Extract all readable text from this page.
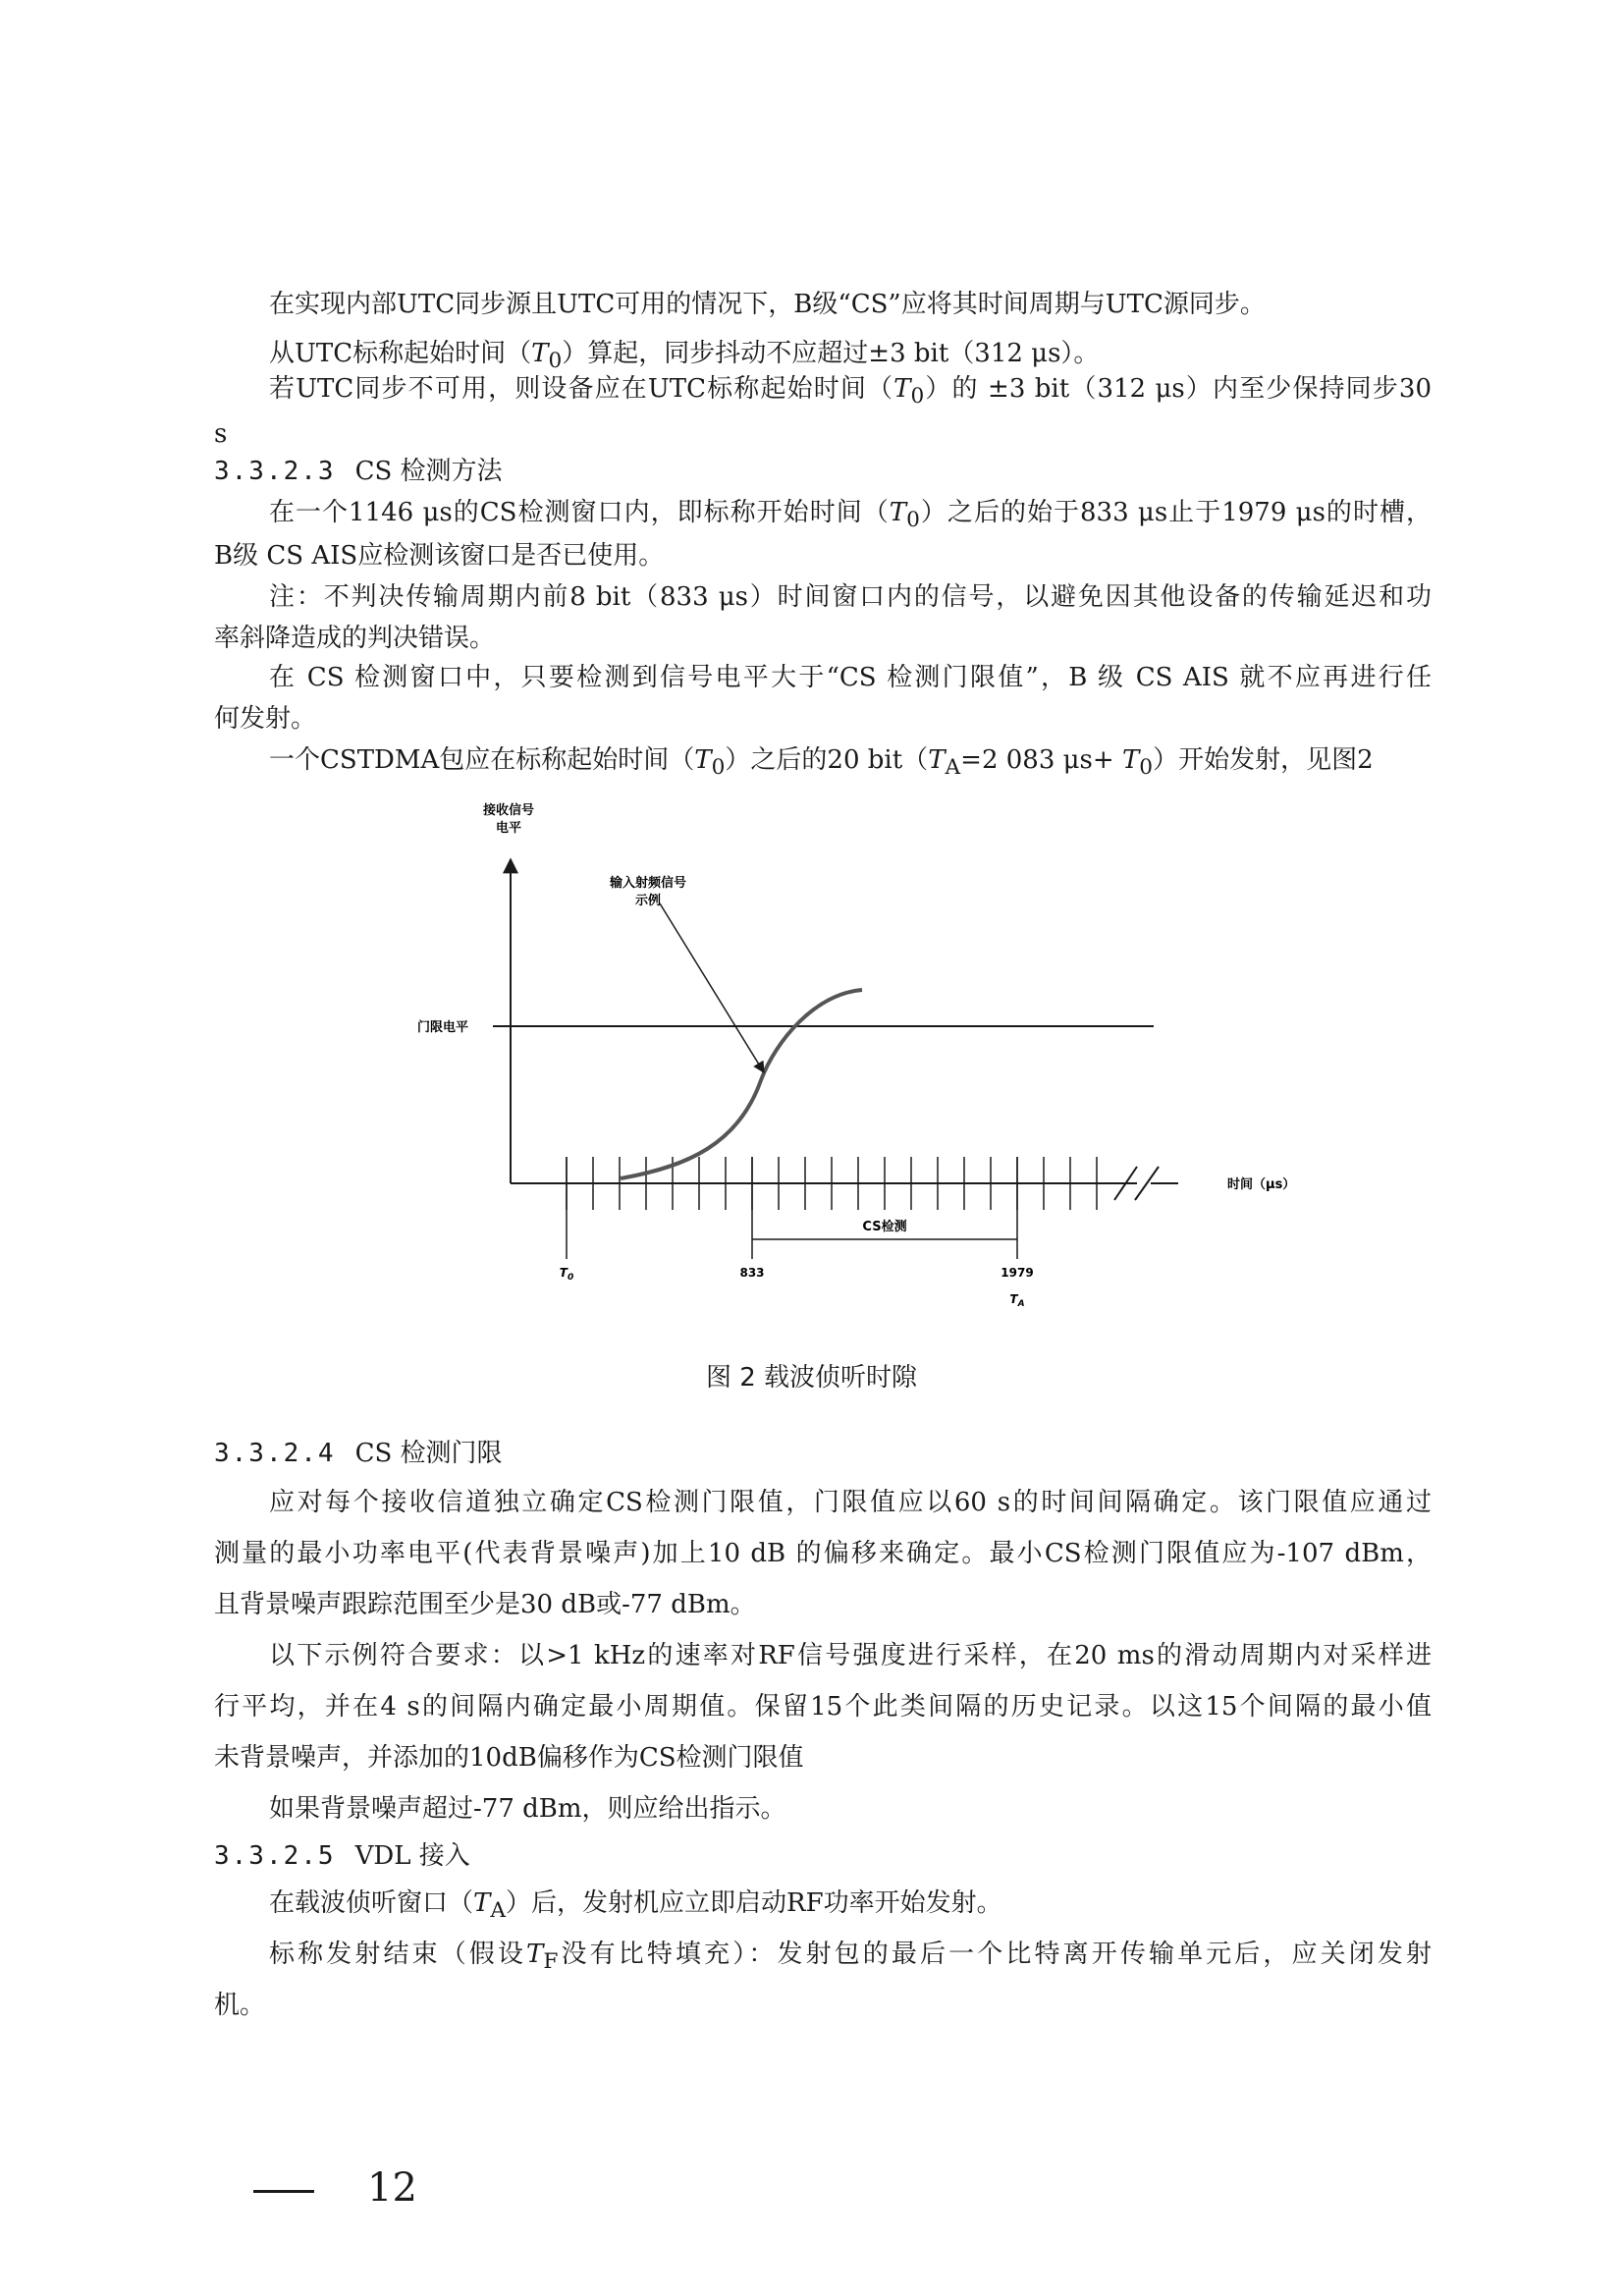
在实现内部UTC同步源且UTC可用的情况下，B级“CS”应将其时间周期与UTC源同步。

从UTC标称起始时间$(T_0)$算起，同步抖动不应超过±3 bit（312 μs）。

若UTC同步不可用，则设备应在UTC标称起始时间$(T_0)$的 ±3 bit（312 μs）内至少保持同步30

s

3.3.2.3 CS 检测方法

在一个1146 μs的CS检测窗口内，即标称开始时间$(T_0)$之后的始于833 μs止于1979 μs的时槽，

B级 CS AIS应检测该窗口是否已使用。

注：不判决传输周期内前8 bit（833 μs）时间窗口内的信号，以避免因其他设备的传输延迟和功

率斜降造成的判决错误。

在 CS 检测窗口中，只要检测到信号电平大于“CS 检测门限值”，B 级 CS AIS 就不应再进行任

何发射。

一个CSTDMA包应在标称起始时间$(T_0)$之后的20 $bit(T_A=2$ 083 $\mu s+ T_0$）开始发射，见图2

接收信号
电平
时间（μs）
CS检测
$T_0$	833	1979
$T_A$
门限电平
输入射频信号
示例
图 2 载波侦听时隙
3.3.2.4 CS 检测门限

应对每个接收信道独立确定CS检测门限值，门限值应以60 s的时间间隔确定。该门限值应通过

测量的最小功率电平(代表背景噪声)加上10 dB 的偏移来确定。最小CS检测门限值应为-107 dBm，

且背景噪声跟踪范围至少是30 dB或-77 dBm。

以下示例符合要求：以>1 kHz的速率对RF信号强度进行采样，在20 ms的滑动周期内对采样进

行平均，并在4 s的间隔内确定最小周期值。保留15个此类间隔的历史记录。以这15个间隔的最小值

未背景噪声，并添加的10dB偏移作为CS检测门限值

如果背景噪声超过-77 dBm，则应给出指示。

3.3.2.5 VDL 接入

在载波侦听窗口$(T_A)$后，发射机应立即启动RF功率开始发射。

标称发射结束（假设$T_F$没有比特填充）：发射包的最后一个比特离开传输单元后，应关闭发射

机。

12
